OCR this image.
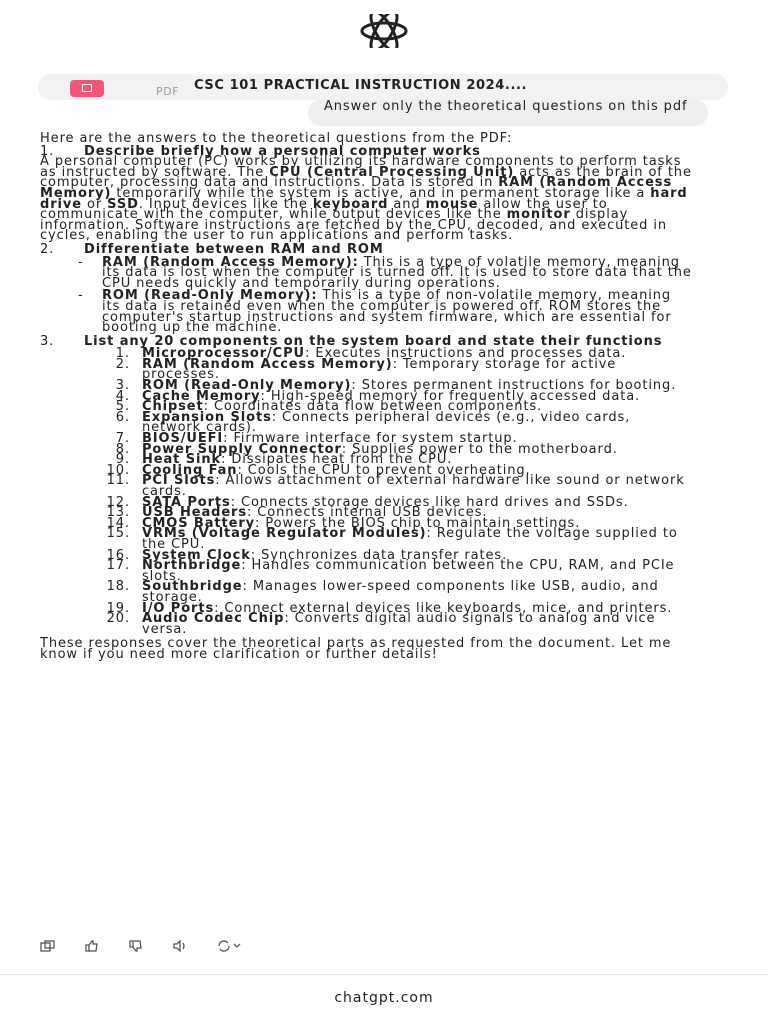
CSC 101 PRACTICAL INSTRUCTION 2024....
PDF
Answer only the theoretical questions on this pdf

Here are the answers to the theoretical questions from the PDF:

1.	Describe briefly how a personal computer works

A personal computer (PC) works by utilizing its hardware components to perform tasks as instructed by software. The CPU (Central Processing Unit) acts as the brain of the computer, processing data and instructions. Data is stored in RAM (Random Access Memory) temporarily while the system is active, and in permanent storage like a hard drive or SSD. Input devices like the keyboard and mouse allow the user to communicate with the computer, while output devices like the monitor display information. Software instructions are fetched by the CPU, decoded, and executed in cycles, enabling the user to run applications and perform tasks.

2.	Differentiate between RAM and ROM
-	RAM (Random Access Memory): This is a type of volatile memory, meaning its data is lost when the computer is turned off. It is used to store data that the CPU needs quickly and temporarily during operations.
-	ROM (Read-Only Memory): This is a type of non-volatile memory, meaning its data is retained even when the computer is powered off. ROM stores the computer's startup instructions and system firmware, which are essential for booting up the machine.
3.	List any 20 components on the system board and state their functions
1. Microprocessor/CPU: Executes instructions and processes data.
2. RAM (Random Access Memory): Temporary storage for active processes.
3. ROM (Read-Only Memory): Stores permanent instructions for booting.
4. Cache Memory: High-speed memory for frequently accessed data.
5. Chipset: Coordinates data flow between components.
6. Expansion Slots: Connects peripheral devices (e.g., video cards, network cards).
7. BIOS/UEFI: Firmware interface for system startup.
8. Power Supply Connector: Supplies power to the motherboard.
9. Heat Sink: Dissipates heat from the CPU.
10. Cooling Fan: Cools the CPU to prevent overheating.
11. PCI Slots: Allows attachment of external hardware like sound or network cards.
12. SATA Ports: Connects storage devices like hard drives and SSDs.
13. USB Headers: Connects internal USB devices.
14. CMOS Battery: Powers the BIOS chip to maintain settings.
15. VRMs (Voltage Regulator Modules): Regulate the voltage supplied to the CPU.
16. System Clock: Synchronizes data transfer rates.
17. Northbridge: Handles communication between the CPU, RAM, and PCIe slots.
18. Southbridge: Manages lower-speed components like USB, audio, and storage.
19. I/O Ports: Connect external devices like keyboards, mice, and printers.
20. Audio Codec Chip: Converts digital audio signals to analog and vice versa.

These responses cover the theoretical parts as requested from the document. Let me know if you need more clarification or further details!

chatgpt.com
